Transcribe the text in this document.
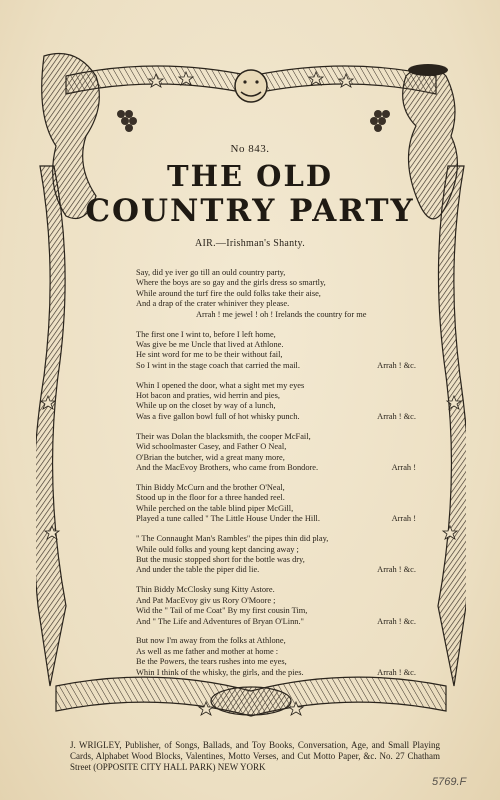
No 843.
THE OLD
COUNTRY PARTY
AIR.—Irishman's Shanty.
Say, did ye iver go till an ould country party,
Where the boys are so gay and the girls dress so smartly,
While around the turf fire the ould folks take their aise,
And a drap of the crater whiniver they please.
Arrah ! me jewel ! oh ! Irelands the country for me
The first one I wint to, before I left home,
Was give be me Uncle that lived at Athlone.
He sint word for me to be their without fail,
So I wint in the stage coach that carried the mail.	Arrah ! &c.
Whin I opened the door, what a sight met my eyes
Hot bacon and praties, wid herrin and pies,
While up on the closet by way of a lunch,
Was a five gallon bowl full of hot whisky punch.	Arrah ! &c.
Their was Dolan the blacksmith, the cooper McFail,
Wid schoolmaster Casey, and Father O Neal,
O'Brian the butcher, wid a great many more,
And the MacEvoy Brothers, who came from Bondore.	Arrah !
Thin Biddy McCurn and the brother O'Neal,
Stood up in the floor for a three handed reel.
While perched on the table blind piper McGill,
Played a tune called " The Little House Under the Hill.	Arrah !
" The Connaught Man's Rambles" the pipes thin did play,
While ould folks and young kept dancing away ;
But the music stopped short for the bottle was dry,
And under the table the piper did lie.	Arrah ! &c.
Thin Biddy McClosky sung Kitty Astore.
And Pat MacEvoy giv us Rory O'Moore ;
Wid the " Tail of me Coat" By my first cousin Tim,
And " The Life and Adventures of Bryan O'Linn."	Arrah ! &c.
But now I'm away from the folks at Athlone,
As well as me father and mother at home :
Be the Powers, the tears rushes into me eyes,
Whin I think of the whisky, the girls, and the pies.	Arrah ! &c.
J. WRIGLEY, Publisher, of Songs, Ballads, and Toy Books, Conversation, Age, and Small Playing Cards, Alphabet Wood Blocks, Valentines, Motto Verses, and Cut Motto Paper, &c. No. 27 Chatham Street (OPPOSITE CITY HALL PARK) NEW YORK
5769.F
